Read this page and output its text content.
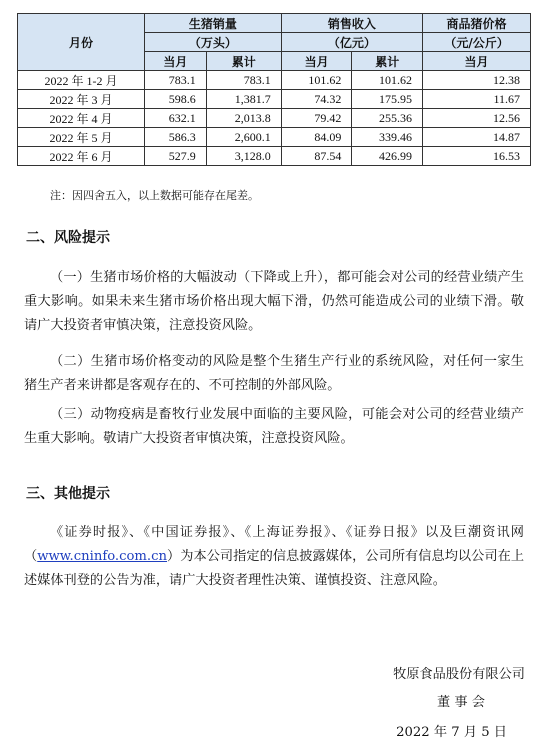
月份	生猪销量		销售收入		商品猪价格
	（万头）		（亿元）		（元/公斤）
	当月	累计	当月	累计	当月
2022 年 1-2 月	783.1	783.1	101.62	101.62	12.38
2022 年 3 月	598.6	1,381.7	74.32	175.95	11.67
2022 年 4 月	632.1	2,013.8	79.42	255.36	12.56
2022 年 5 月	586.3	2,600.1	84.09	339.46	14.87
2022 年 6 月	527.9	3,128.0	87.54	426.99	16.53
注：因四舍五入，以上数据可能存在尾差。
二、风险提示
（一）生猪市场价格的大幅波动（下降或上升），都可能会对公司的经营业绩产生重大影响。如果未来生猪市场价格出现大幅下滑，仍然可能造成公司的业绩下滑。敬请广大投资者审慎决策，注意投资风险。
（二）生猪市场价格变动的风险是整个生猪生产行业的系统风险，对任何一家生猪生产者来讲都是客观存在的、不可控制的外部风险。
（三）动物疫病是畜牧行业发展中面临的主要风险，可能会对公司的经营业绩产生重大影响。敬请广大投资者审慎决策，注意投资风险。
三、其他提示
《证券时报》、《中国证券报》、《上海证券报》、《证券日报》以及巨潮资讯网（www.cninfo.com.cn）为本公司指定的信息披露媒体，公司所有信息均以公司在上述媒体刊登的公告为准，请广大投资者理性决策、谨慎投资、注意风险。
牧原食品股份有限公司
董 事 会
2022 年 7 月 5 日
